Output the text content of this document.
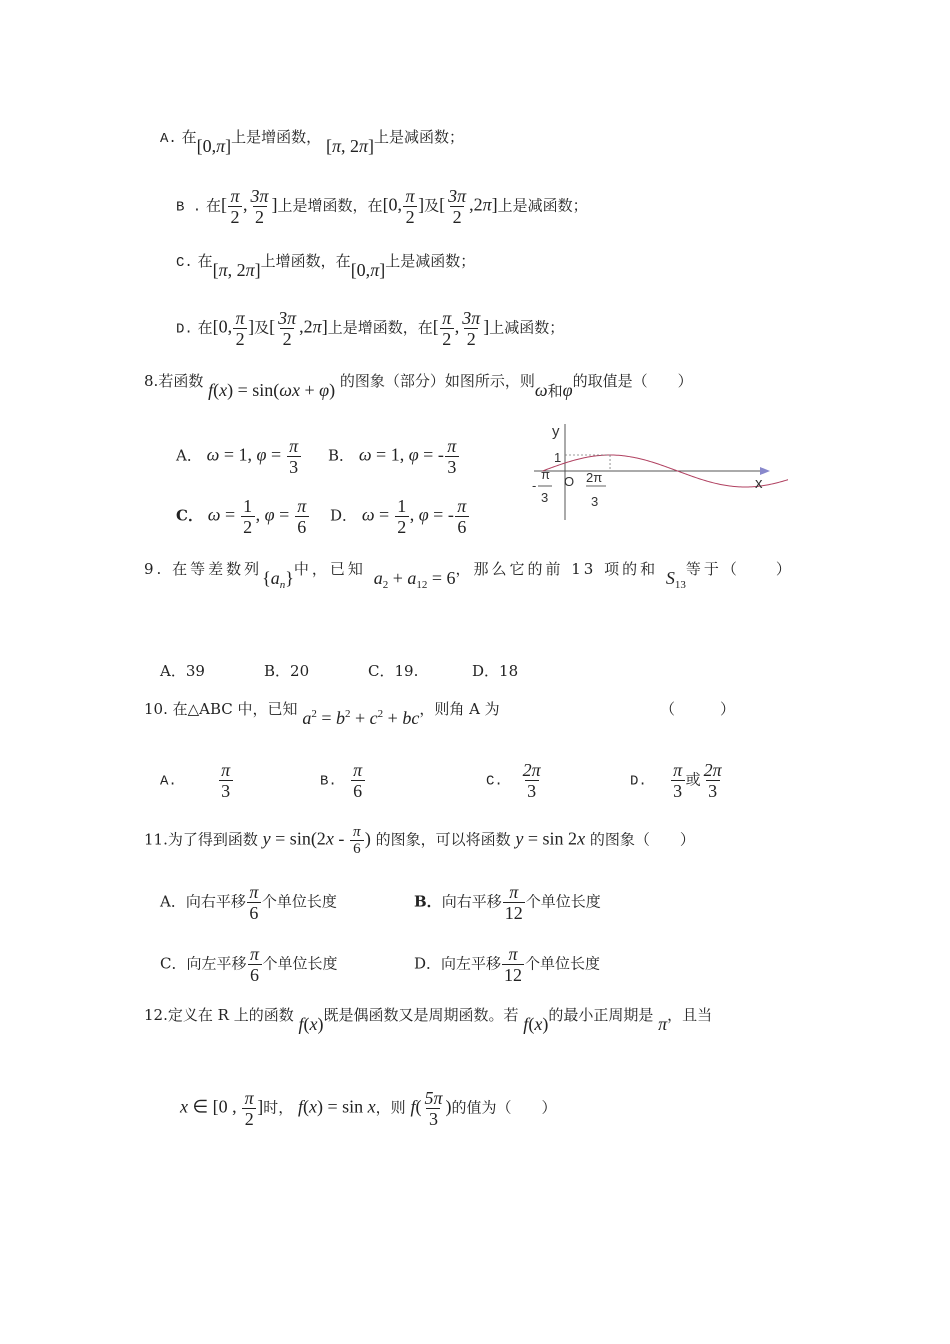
A. 在[0,π]上是增函数， [π, 2π]上是减函数；
B . 在[ $\frac{\pi}{2}$ , $\frac{3\pi}{2}$ ]上是增函数，在[0, $\frac{\pi}{2}$ ]及[ $\frac{3\pi}{2} ,2\pi$]上是减函数；
C. 在[π, 2π]上增函数，在[0,π]上是减函数；
D. 在[0, $\frac{\pi}{2}$ ]及[ $\frac{3\pi}{2} ,2\pi$]上是增函数，在[ $\frac{\pi}{2}$ , $\frac{3\pi}{2}$ ]上减函数；
8.若函数 f(x) = sin(ωx + φ) 的图象（部分）如图所示，则ω和φ的取值是（　　）
A． ω = 1, $\varphi = \frac{\pi}{3}$ B． ω = 1, φ = - $\frac{\pi}{3}$
C． $\omega = \frac{1}{2}$ , $\varphi = \frac{\pi}{6}$ D． $\omega = \frac{1}{2}$ , φ = - $\frac{\pi}{6}$
y
x
O
1
π
-
3
2π
3
9. 在等差数列$\{a_n\}$中，已知 $a_2 + a_{12} = 6$，那么它的前 13 项的和 $S_{13}$等于（　　）
A．39	B．20	C．19.	D．18
10. 在△ABC 中，已知 $a^2 = b^2 + c^2$ + bc，则角 A 为	（　　　）
A. $\frac{\pi}{3}$	B. $\frac{\pi}{6}$	C. $\frac{2\pi}{3}$	D. $\frac{\pi}{3}$ 或 $\frac{2\pi}{3}$
11.为了得到函数 $y = \sin(2x - \frac{\pi}{6}$ ) 的图象，可以将函数 y = sin 2x 的图象（　　）
A．向右平移 $\frac{\pi}{6}$ 个单位长度	B．向右平移 $\frac{\pi}{12}$ 个单位长度
C．向左平移 $\frac{\pi}{6}$ 个单位长度	D．向左平移 $\frac{\pi}{12}$ 个单位长度
12.定义在 R 上的函数 f(x)既是偶函数又是周期函数。若 f(x)的最小正周期是 π，且当
x ∈ [0 , $\frac{\pi}{2}$ ]时， f(x) = sin x，则 $f( \frac{5\pi}{3}$ )的值为（　　）
